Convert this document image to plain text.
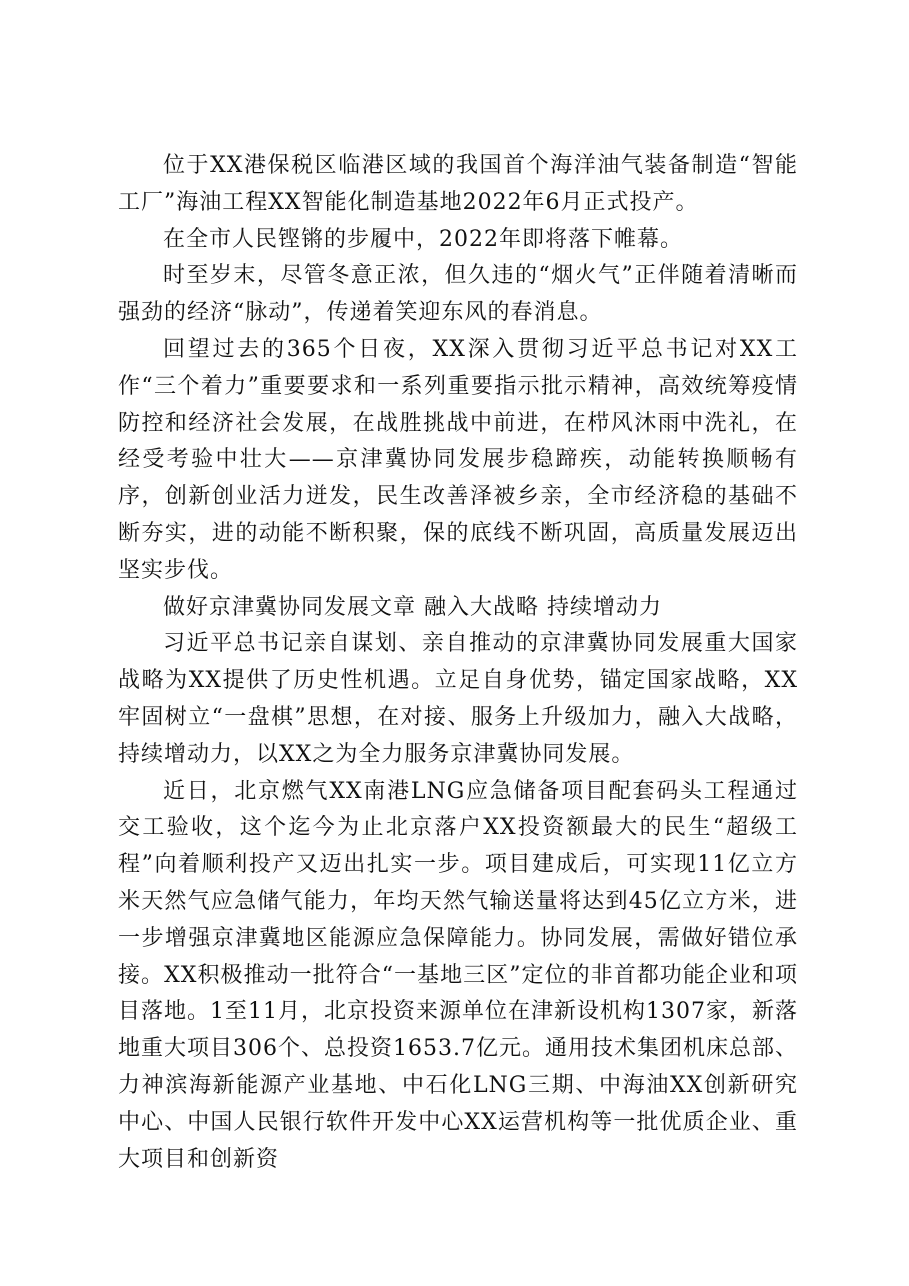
位于XX港保税区临港区域的我国首个海洋油气装备制造“智能工厂”海油工程XX智能化制造基地2022年6月正式投产。

在全市人民铿锵的步履中，2022年即将落下帷幕。

时至岁末，尽管冬意正浓，但久违的“烟火气”正伴随着清晰而强劲的经济“脉动”，传递着笑迎东风的春消息。

回望过去的365个日夜，XX深入贯彻习近平总书记对XX工作“三个着力”重要要求和一系列重要指示批示精神，高效统筹疫情防控和经济社会发展，在战胜挑战中前进，在栉风沐雨中洗礼，在经受考验中壮大——京津冀协同发展步稳蹄疾，动能转换顺畅有序，创新创业活力迸发，民生改善泽被乡亲，全市经济稳的基础不断夯实，进的动能不断积聚，保的底线不断巩固，高质量发展迈出坚实步伐。

做好京津冀协同发展文章 融入大战略 持续增动力

习近平总书记亲自谋划、亲自推动的京津冀协同发展重大国家战略为XX提供了历史性机遇。立足自身优势，锚定国家战略，XX牢固树立“一盘棋”思想，在对接、服务上升级加力，融入大战略，持续增动力，以XX之为全力服务京津冀协同发展。

近日，北京燃气XX南港LNG应急储备项目配套码头工程通过交工验收，这个迄今为止北京落户XX投资额最大的民生“超级工程”向着顺利投产又迈出扎实一步。项目建成后，可实现11亿立方米天然气应急储气能力，年均天然气输送量将达到45亿立方米，进一步增强京津冀地区能源应急保障能力。协同发展，需做好错位承接。XX积极推动一批符合“一基地三区”定位的非首都功能企业和项目落地。1至11月，北京投资来源单位在津新设机构1307家，新落地重大项目306个、总投资1653.7亿元。通用技术集团机床总部、力神滨海新能源产业基地、中石化LNG三期、中海油XX创新研究中心、中国人民银行软件开发中心XX运营机构等一批优质企业、重大项目和创新资
